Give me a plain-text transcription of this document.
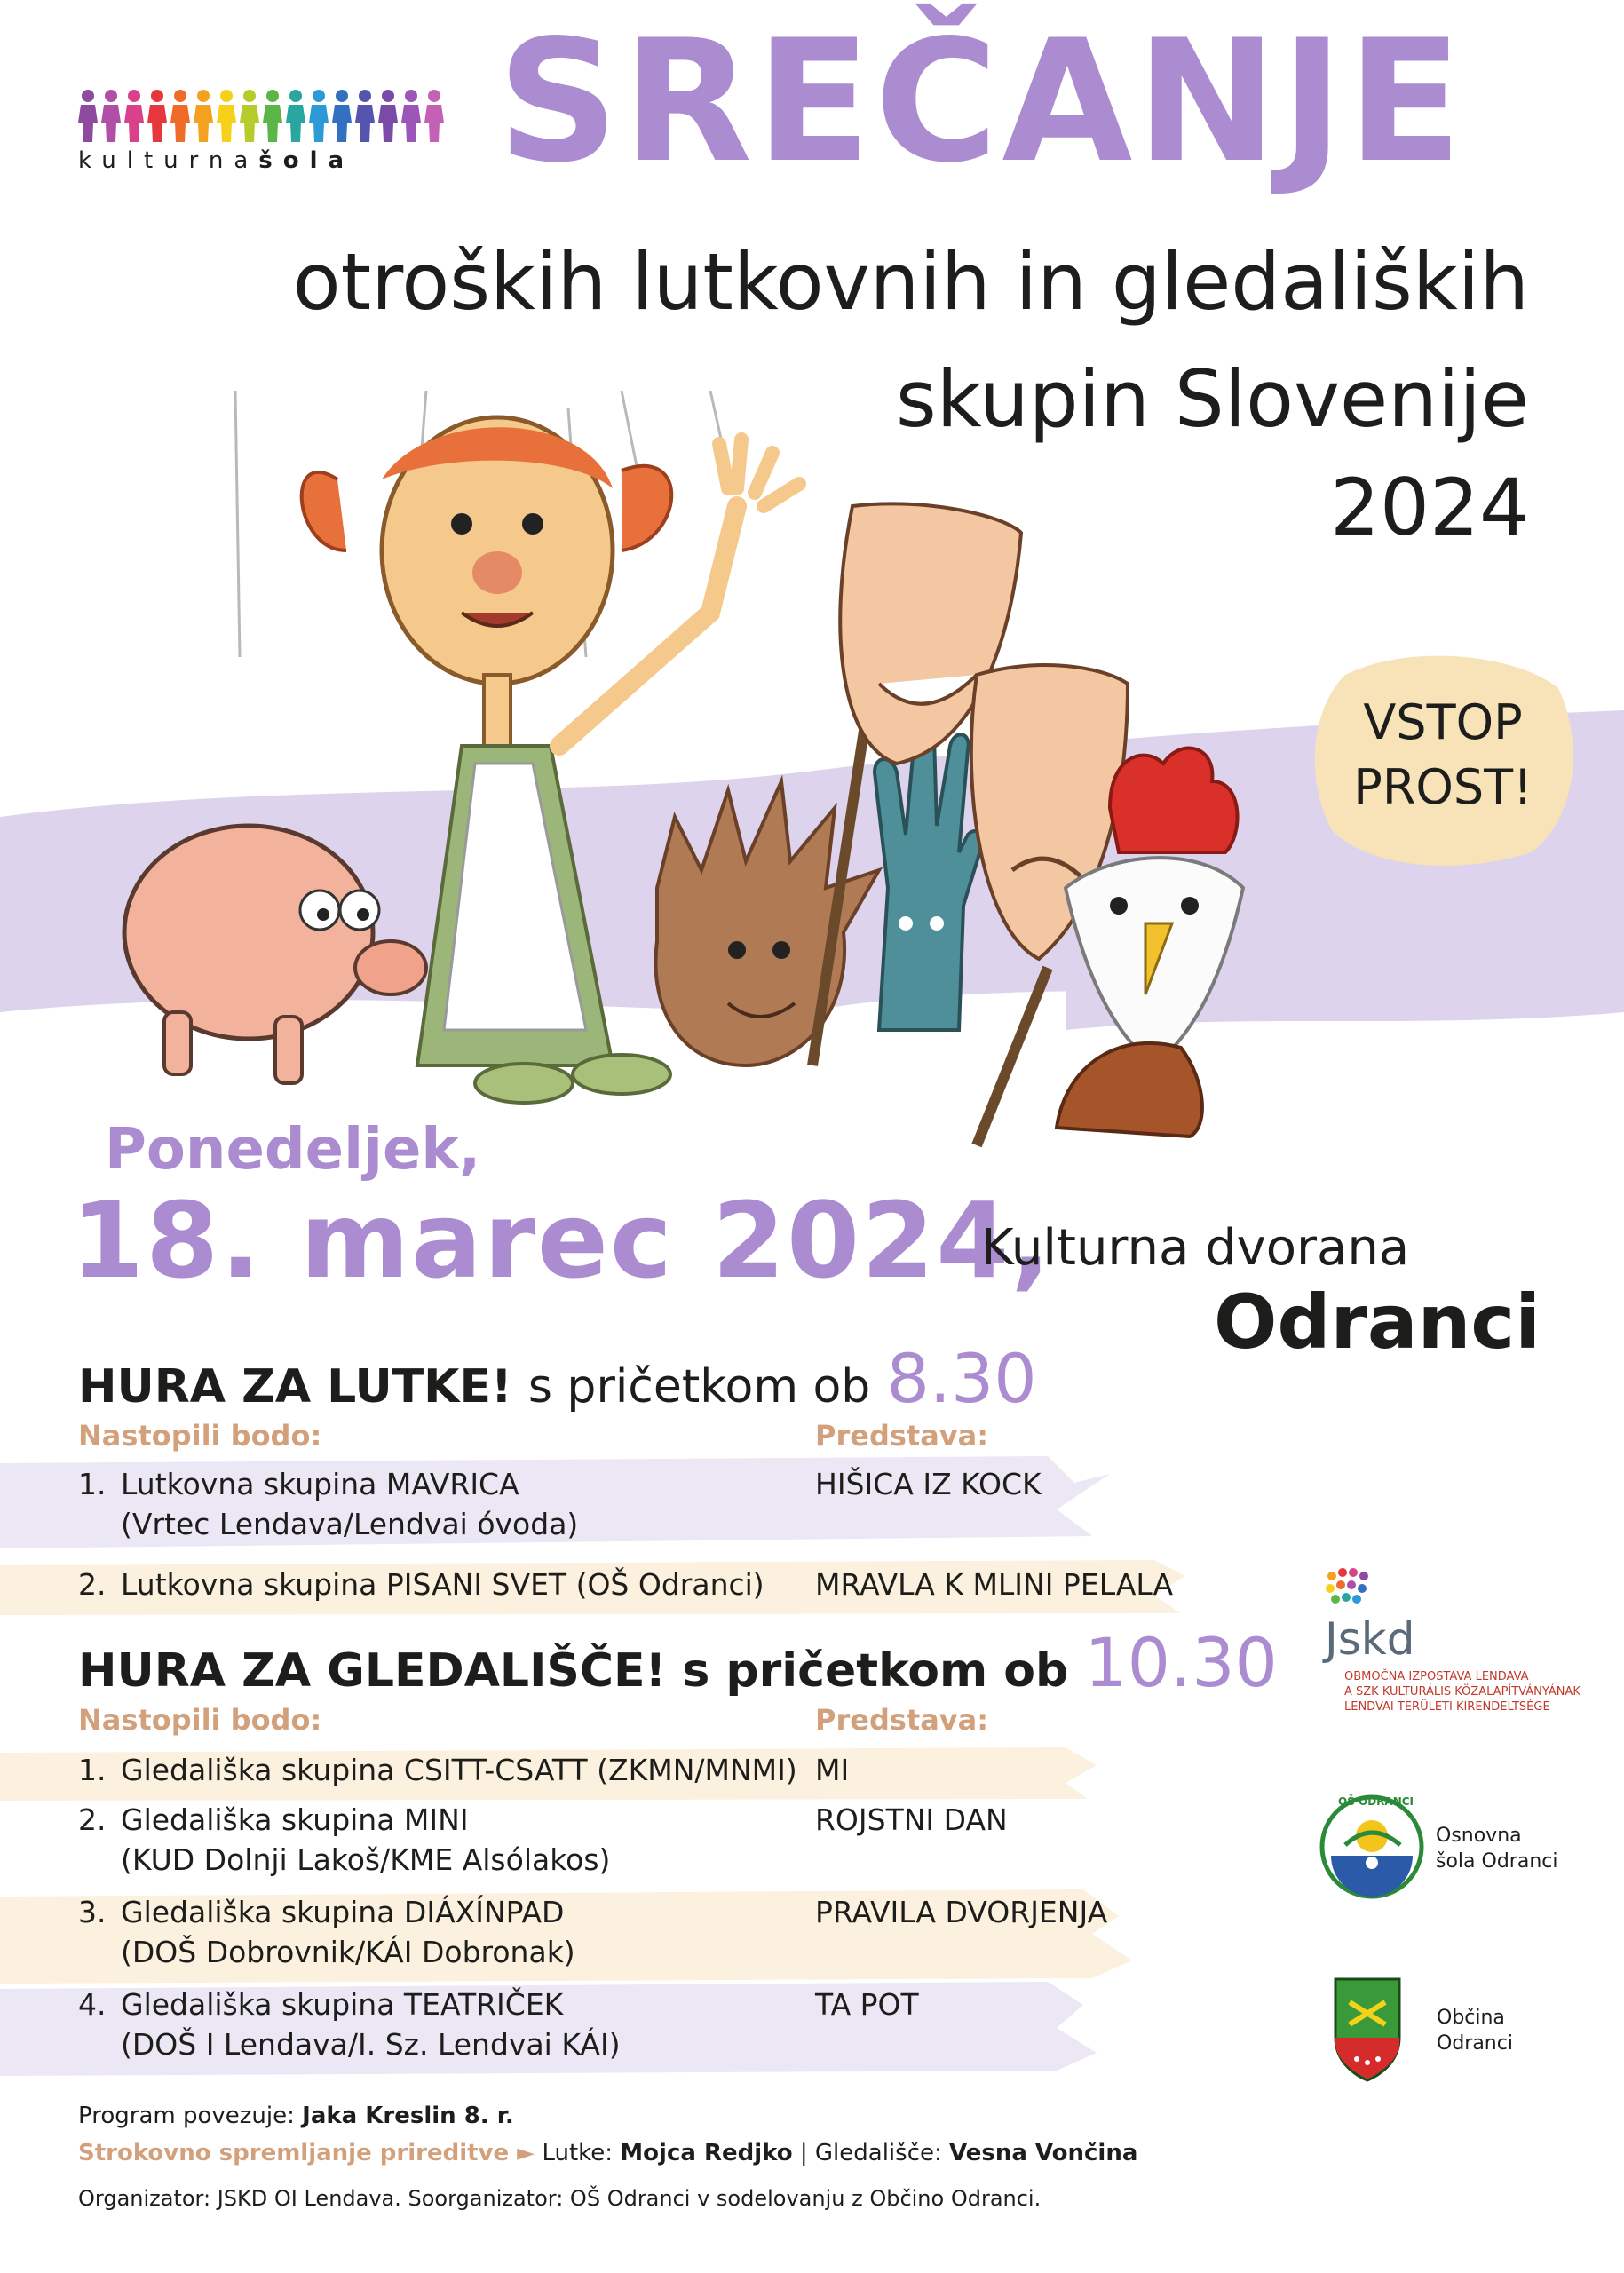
kulturnašola SREČANJE
otroških lutkovnih in gledaliških
skupin Slovenije
2024
VSTOP
PROST!
Ponedeljek,
18. marec 2024,
Kulturna dvorana
Odranci
HURA ZA LUTKE! s pričetkom ob 8.30
Nastopili bodo:	Predstava:
1. Lutkovna skupina MAVRICA
(Vrtec Lendava/Lendvai óvoda)
HIŠICA IZ KOCK
2. Lutkovna skupina PISANI SVET (OŠ Odranci) MRAVLA K MLINI PELALA
HURA ZA GLEDALIŠČE! s pričetkom ob 10.30
Nastopili bodo:	Predstava:
1. Gledališka skupina CSITT-CSATT (ZKMN/MNMI) MI
2. Gledališka skupina MINI
(KUD Dolnji Lakoš/KME Alsólakos)
ROJSTNI DAN
3. Gledališka skupina DIÁXÍNPAD
(DOŠ Dobrovnik/KÁI Dobronak)
PRAVILA DVORJENJA
4. Gledališka skupina TEATRIČEK
(DOŠ I Lendava/I. Sz. Lendvai KÁI)
TA POT
Program povezuje: Jaka Kreslin 8. r.
Strokovno spremljanje prireditve ► Lutke: Mojca Redjko | Gledališče: Vesna Vončina
Organizator: JSKD OI Lendava. Soorganizator: OŠ Odranci v sodelovanju z Občino Odranci.
Jskd
OBMOČNA IZPOSTAVA LENDAVA
A SZK KULTURÁLIS KÖZALAPÍTVÁNYÁNAK
LENDVAI TERÜLETI KIRENDELTSÉGE
OŠ ODRANCI
Osnovna
šola Odranci
Občina
Odranci
